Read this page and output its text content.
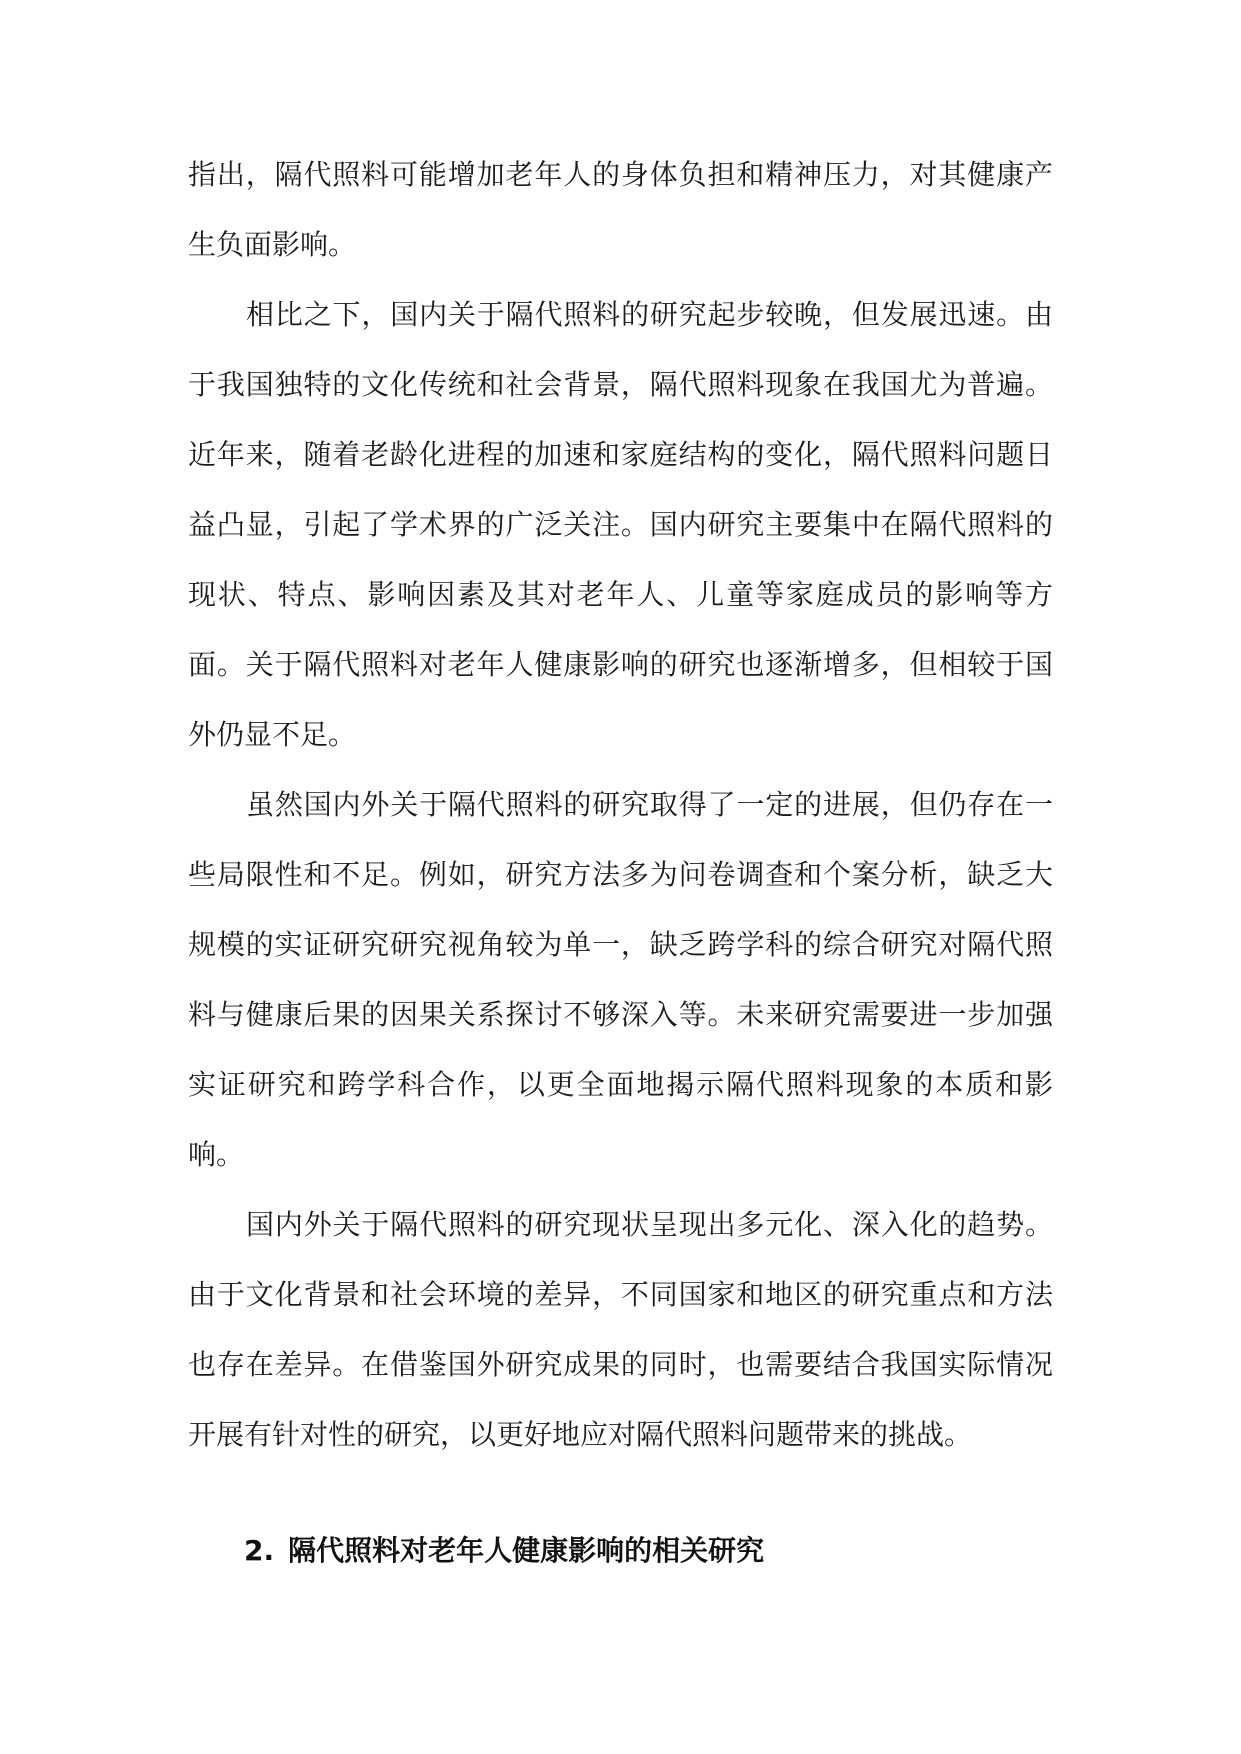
指出，隔代照料可能增加老年人的身体负担和精神压力，对其健康产生负面影响。

相比之下，国内关于隔代照料的研究起步较晚，但发展迅速。由于我国独特的文化传统和社会背景，隔代照料现象在我国尤为普遍。近年来，随着老龄化进程的加速和家庭结构的变化，隔代照料问题日益凸显，引起了学术界的广泛关注。国内研究主要集中在隔代照料的现状、特点、影响因素及其对老年人、儿童等家庭成员的影响等方面。关于隔代照料对老年人健康影响的研究也逐渐增多，但相较于国外仍显不足。

虽然国内外关于隔代照料的研究取得了一定的进展，但仍存在一些局限性和不足。例如，研究方法多为问卷调查和个案分析，缺乏大规模的实证研究研究视角较为单一，缺乏跨学科的综合研究对隔代照料与健康后果的因果关系探讨不够深入等。未来研究需要进一步加强实证研究和跨学科合作，以更全面地揭示隔代照料现象的本质和影响。

国内外关于隔代照料的研究现状呈现出多元化、深入化的趋势。由于文化背景和社会环境的差异，不同国家和地区的研究重点和方法也存在差异。在借鉴国外研究成果的同时，也需要结合我国实际情况开展有针对性的研究，以更好地应对隔代照料问题带来的挑战。

2. 隔代照料对老年人健康影响的相关研究
